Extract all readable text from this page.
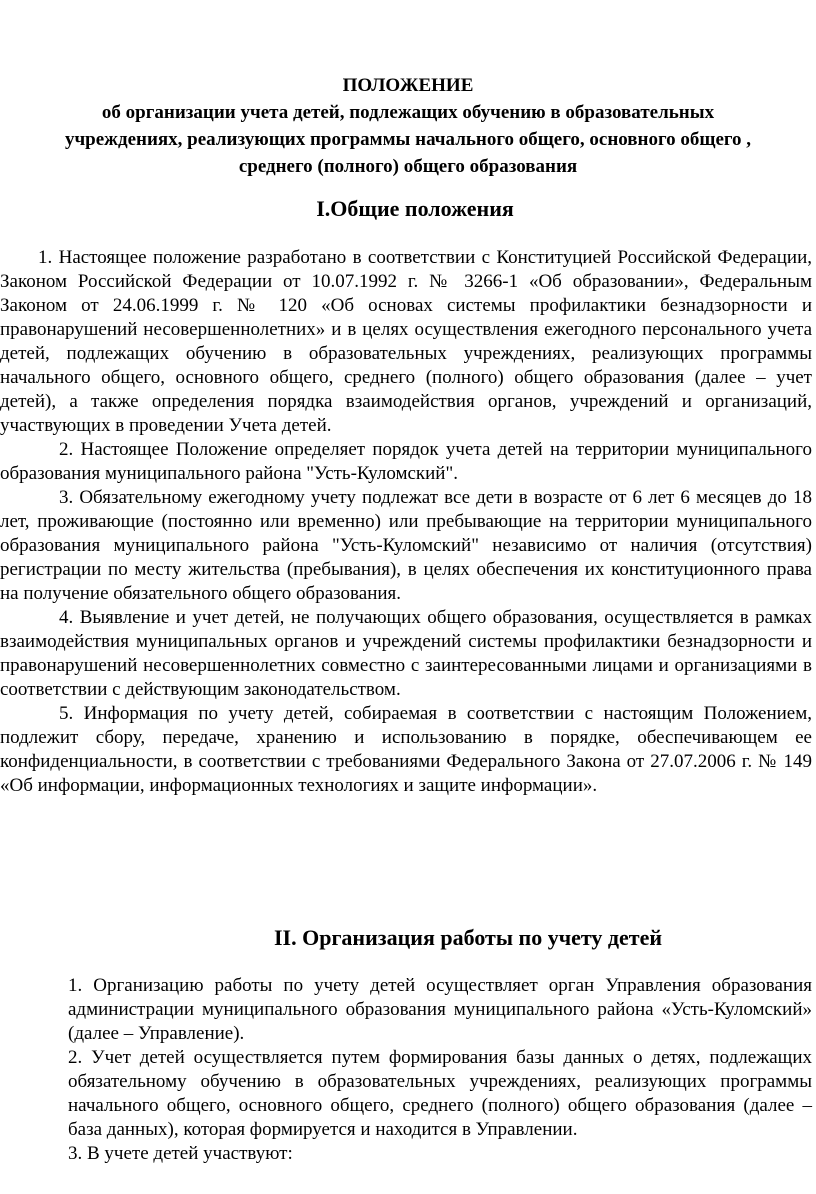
ПОЛОЖЕНИЕ
об организации учета детей, подлежащих обучению в образовательных
учреждениях, реализующих программы начального общего, основного общего ,
среднего (полного) общего образования
I.Общие положения

1. Настоящее положение разработано в соответствии с Конституцией Российской Федерации, Законом Российской Федерации от 10.07.1992 г. № 3266-1 «Об образовании», Федеральным Законом от 24.06.1999 г. № 120 «Об основах системы профилактики безнадзорности и правонарушений несовершеннолетних» и в целях осуществления ежегодного персонального учета детей, подлежащих обучению в образовательных учреждениях, реализующих программы начального общего, основного общего, среднего (полного) общего образования (далее – учет детей), а также определения порядка взаимодействия органов, учреждений и организаций, участвующих в проведении Учета детей.

2. Настоящее Положение определяет порядок учета детей на территории муниципального образования муниципального района "Усть-Куломский".

3. Обязательному ежегодному учету подлежат все дети в возрасте от 6 лет 6 месяцев до 18 лет, проживающие (постоянно или временно) или пребывающие на территории муниципального образования муниципального района "Усть-Куломский" независимо от наличия (отсутствия) регистрации по месту жительства (пребывания), в целях обеспечения их конституционного права на получение обязательного общего образования.

4. Выявление и учет детей, не получающих общего образования, осуществляется в рамках взаимодействия муниципальных органов и учреждений системы профилактики безнадзорности и правонарушений несовершеннолетних совместно с заинтересованными лицами и организациями в соответствии с действующим законодательством.

5. Информация по учету детей, собираемая в соответствии с настоящим Положением, подлежит сбору, передаче, хранению и использованию в порядке, обеспечивающем ее конфиденциальности, в соответствии с требованиями Федерального Закона от 27.07.2006 г. № 149 «Об информации, информационных технологиях и защите информации».

II. Организация работы по учету детей

1. Организацию работы по учету детей осуществляет орган Управления образования администрации муниципального образования муниципального района «Усть-Куломский» (далее – Управление).

2. Учет детей осуществляется путем формирования базы данных о детях, подлежащих обязательному обучению в образовательных учреждениях, реализующих программы начального общего, основного общего, среднего (полного) общего образования (далее – база данных), которая формируется и находится в Управлении.

3. В учете детей участвуют:
